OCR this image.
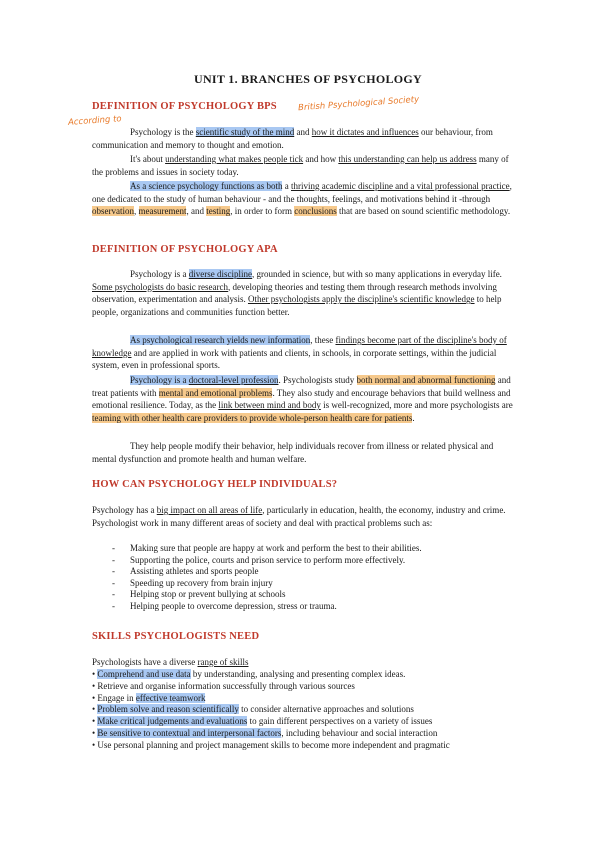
UNIT 1. BRANCHES OF PSYCHOLOGY
DEFINITION OF PSYCHOLOGY BPS British Psychological Society
According to

Psychology is the scientific study of the mind and how it dictates and influences our behaviour, from communication and memory to thought and emotion.

It's about understanding what makes people tick and how this understanding can help us address many of the problems and issues in society today.

As a science psychology functions as both a thriving academic discipline and a vital professional practice, one dedicated to the study of human behaviour - and the thoughts, feelings, and motivations behind it -through observation, measurement, and testing, in order to form conclusions that are based on sound scientific methodology.

DEFINITION OF PSYCHOLOGY APA

Psychology is a diverse discipline, grounded in science, but with so many applications in everyday life. Some psychologists do basic research, developing theories and testing them through research methods involving observation, experimentation and analysis. Other psychologists apply the discipline's scientific knowledge to help people, organizations and communities function better.

As psychological research yields new information, these findings become part of the discipline's body of knowledge and are applied in work with patients and clients, in schools, in corporate settings, within the judicial system, even in professional sports.

Psychology is a doctoral-level profession. Psychologists study both normal and abnormal functioning and treat patients with mental and emotional problems. They also study and encourage behaviors that build wellness and emotional resilience. Today, as the link between mind and body is well-recognized, more and more psychologists are teaming with other health care providers to provide whole-person health care for patients.

They help people modify their behavior, help individuals recover from illness or related physical and mental dysfunction and promote health and human welfare.

HOW CAN PSYCHOLOGY HELP INDIVIDUALS?

Psychology has a big impact on all areas of life, particularly in education, health, the economy, industry and crime. Psychologist work in many different areas of society and deal with practical problems such as:

- Making sure that people are happy at work and perform the best to their abilities.
- Supporting the police, courts and prison service to perform more effectively.
- Assisting athletes and sports people
- Speeding up recovery from brain injury
- Helping stop or prevent bullying at schools
- Helping people to overcome depression, stress or trauma.
SKILLS PSYCHOLOGISTS NEED

Psychologists have a diverse range of skills

• Comprehend and use data by understanding, analysing and presenting complex ideas.
• Retrieve and organise information successfully through various sources
• Engage in effective teamwork
• Problem solve and reason scientifically to consider alternative approaches and solutions
• Make critical judgements and evaluations to gain different perspectives on a variety of issues
• Be sensitive to contextual and interpersonal factors, including behaviour and social interaction
• Use personal planning and project management skills to become more independent and pragmatic
